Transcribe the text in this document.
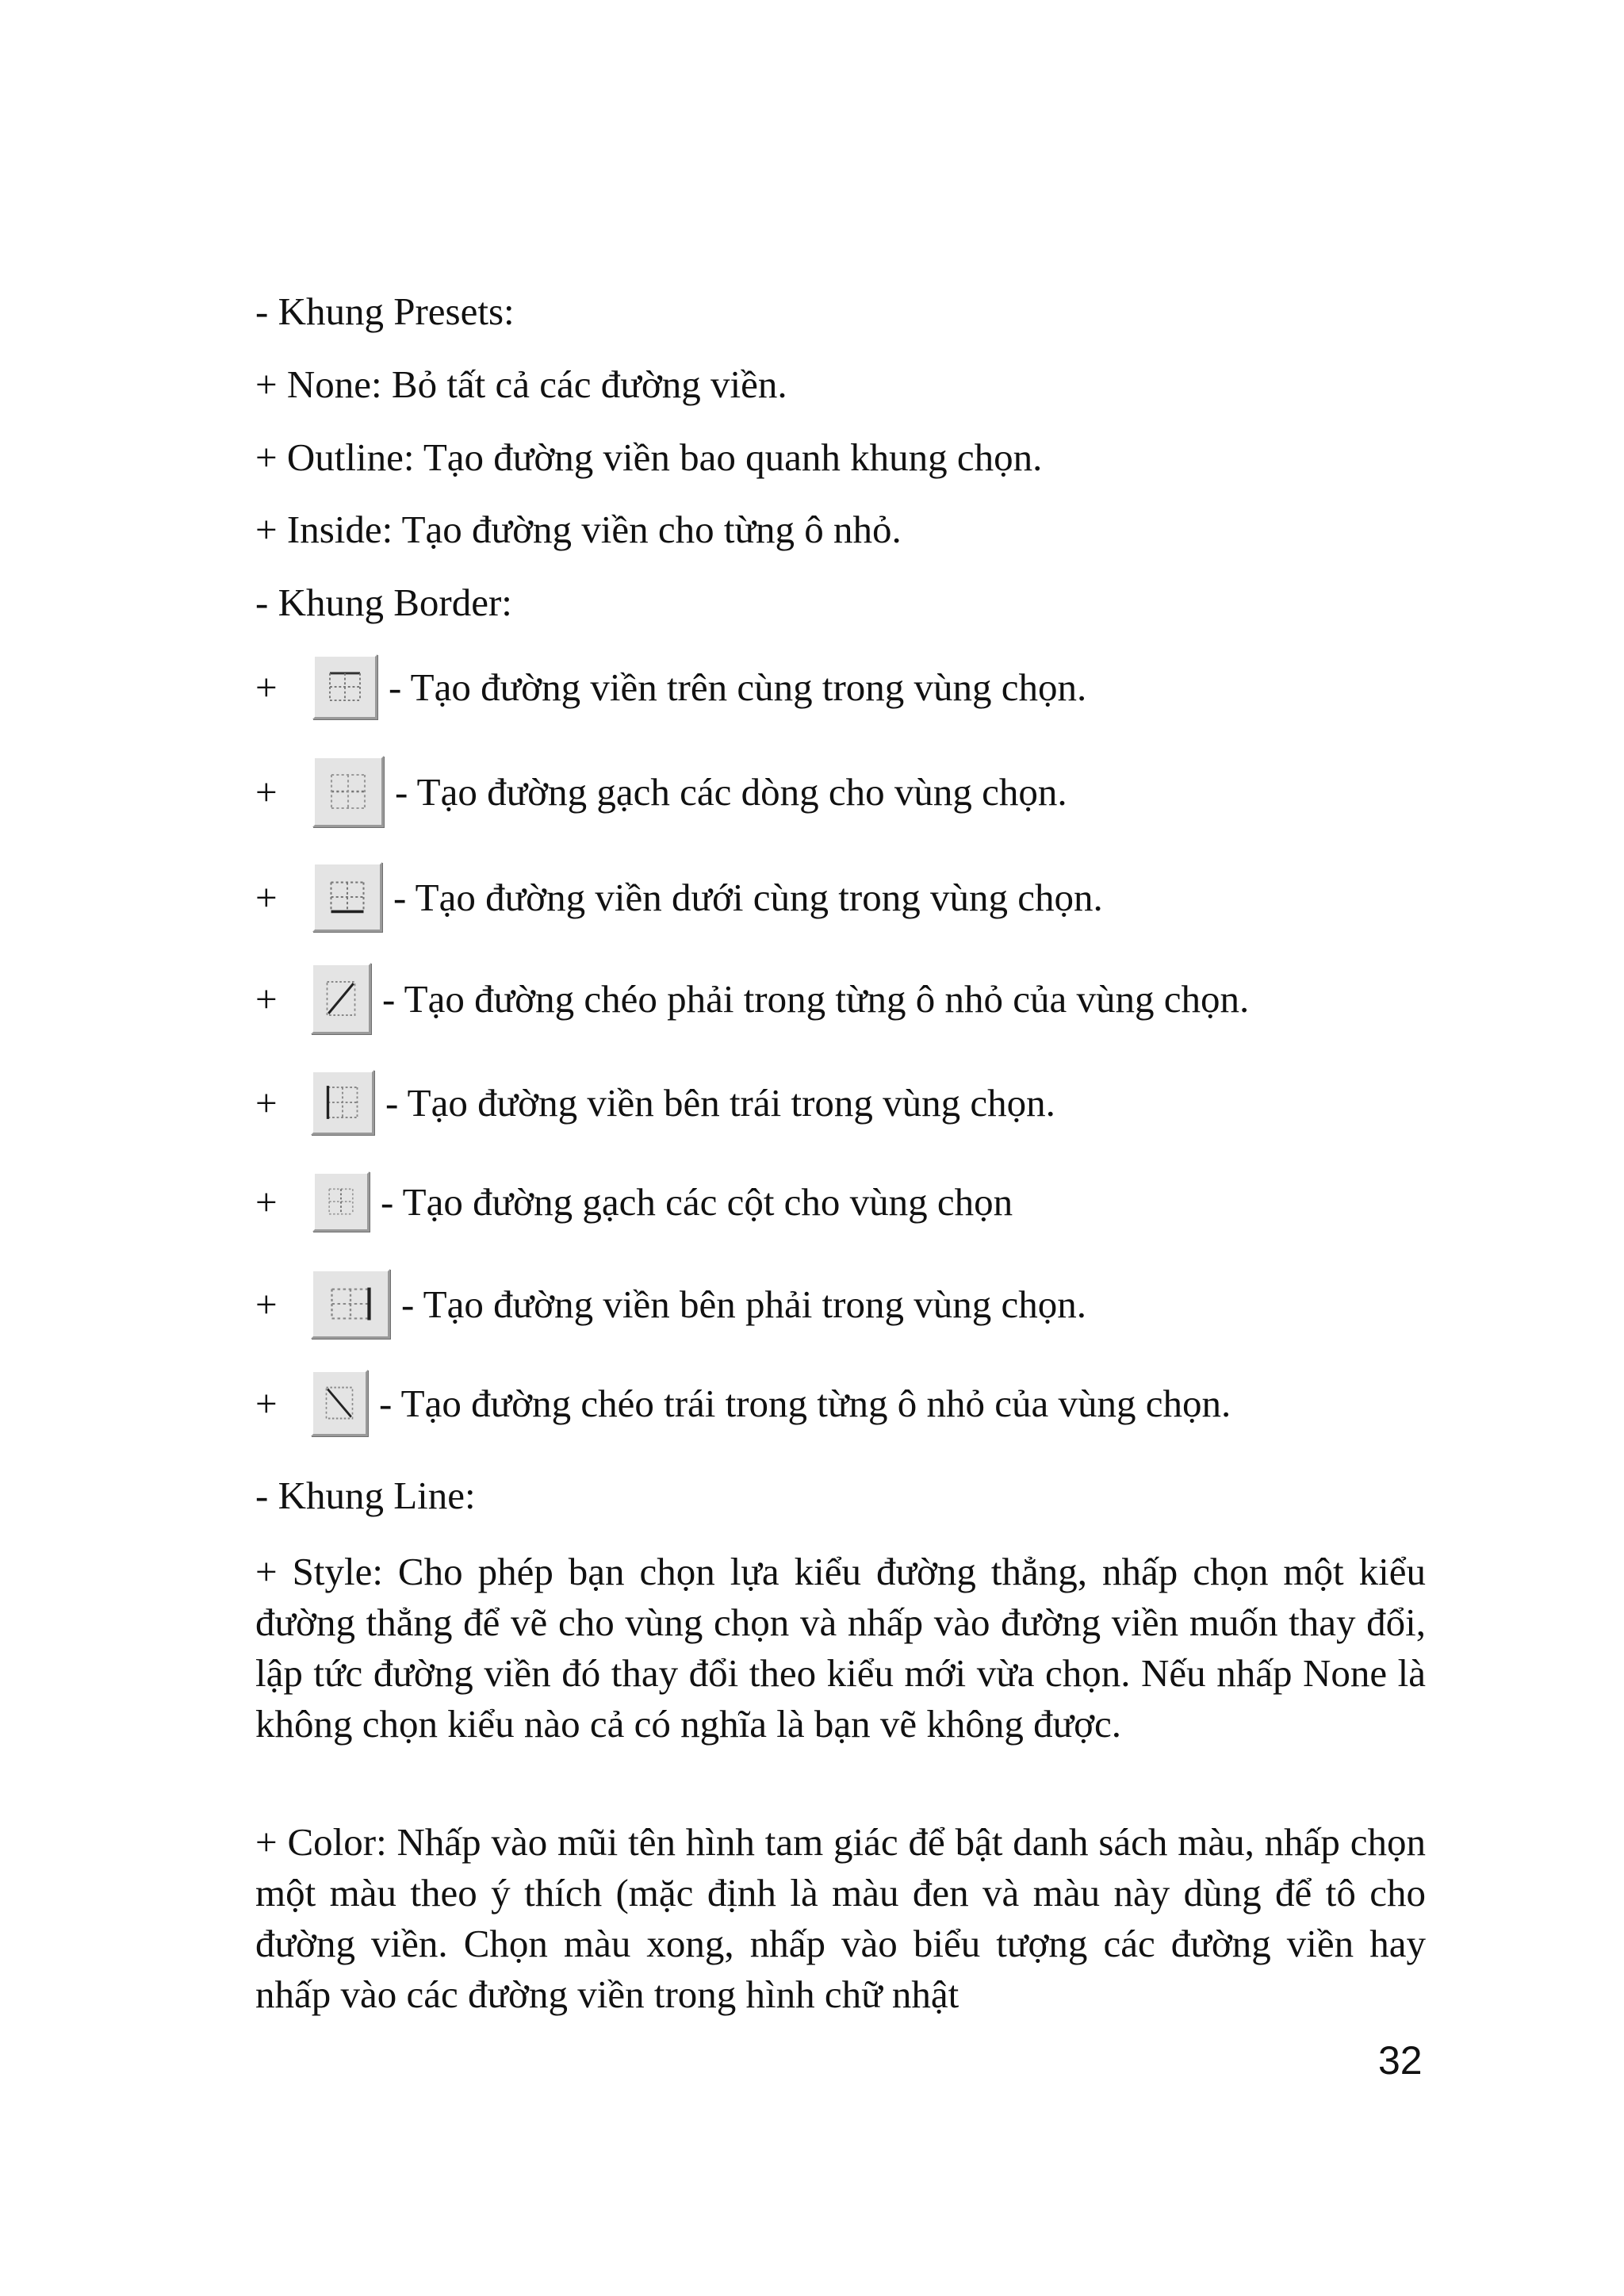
- Khung Presets:
+ None: Bỏ tất cả các đường viền.
+ Outline: Tạo đường viền bao quanh khung chọn.
+ Inside: Tạo đường viền cho từng ô nhỏ.
- Khung Border:
+	- Tạo đường viền trên cùng trong vùng chọn.
+	- Tạo đường gạch các dòng cho vùng chọn.
+	- Tạo đường viền dưới cùng trong vùng chọn.
+	- Tạo đường chéo phải trong từng ô nhỏ của vùng chọn.
+	- Tạo đường viền bên trái trong vùng chọn.
+	- Tạo đường gạch các cột cho vùng chọn
+	- Tạo đường viền bên phải trong vùng chọn.
+	- Tạo đường chéo trái trong từng ô nhỏ của vùng chọn.
- Khung Line:
+ Style: Cho phép bạn chọn lựa kiểu đường thẳng, nhấp chọn một kiểu đường thẳng để vẽ cho vùng chọn và nhấp vào đường viền muốn thay đổi, lập tức đường viền đó thay đổi theo kiểu mới vừa chọn. Nếu nhấp None là không chọn kiểu nào cả có nghĩa là bạn vẽ không được.
+ Color: Nhấp vào mũi tên hình tam giác để bật danh sách màu, nhấp chọn một màu theo ý thích (mặc định là màu đen và màu này dùng để tô cho đường viền. Chọn màu xong, nhấp vào biểu tượng các đường viền hay nhấp vào các đường viền trong hình chữ nhật
32
